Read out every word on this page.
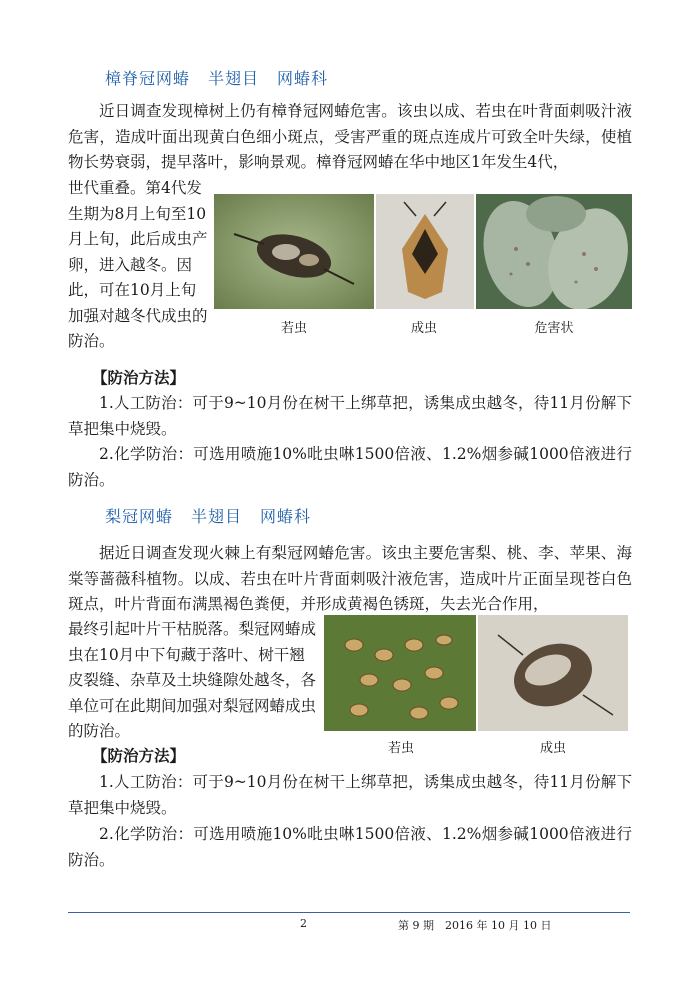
樟脊冠网蝽 半翅目 网蝽科
近日调查发现樟树上仍有樟脊冠网蝽危害。该虫以成、若虫在叶背面刺吸汁液危害，造成叶面出现黄白色细小斑点，受害严重的斑点连成片可致全叶失绿，使植物长势衰弱，提早落叶，影响景观。樟脊冠网蝽在华中地区1年发生4代，
世代重叠。第4代发生期为8月上旬至10月上旬，此后成虫产卵，进入越冬。因此，可在10月上旬加强对越冬代成虫的防治。
若虫	成虫	危害状
【防治方法】
1.人工防治：可于9~10月份在树干上绑草把，诱集成虫越冬，待11月份解下草把集中烧毁。
2.化学防治：可选用喷施10%吡虫啉1500倍液、1.2%烟参碱1000倍液进行防治。
梨冠网蝽 半翅目 网蝽科
据近日调查发现火棘上有梨冠网蝽危害。该虫主要危害梨、桃、李、苹果、海棠等蔷薇科植物。以成、若虫在叶片背面刺吸汁液危害，造成叶片正面呈现苍白色斑点，叶片背面布满黑褐色粪便，并形成黄褐色锈斑，失去光合作用，
最终引起叶片干枯脱落。梨冠网蝽成虫在10月中下旬藏于落叶、树干翘皮裂缝、杂草及土块缝隙处越冬，各单位可在此期间加强对梨冠网蝽成虫的防治。
若虫	成虫
【防治方法】
1.人工防治：可于9~10月份在树干上绑草把，诱集成虫越冬，待11月份解下草把集中烧毁。
2.化学防治：可选用喷施10%吡虫啉1500倍液、1.2%烟参碱1000倍液进行防治。
2	第 9 期　2016 年 10 月 10 日
